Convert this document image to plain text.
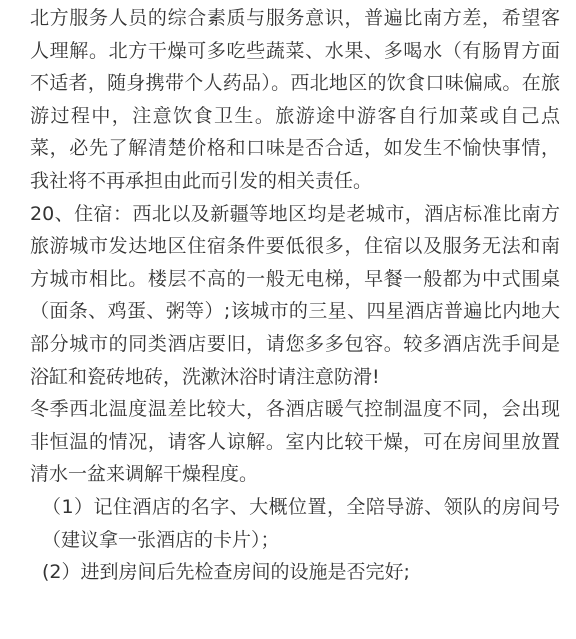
北方服务人员的综合素质与服务意识，普遍比南方差，希望客人理解。北方干燥可多吃些蔬菜、水果、多喝水（有肠胃方面不适者，随身携带个人药品）。西北地区的饮食口味偏咸。在旅游过程中，注意饮食卫生。旅游途中游客自行加菜或自己点菜，必先了解清楚价格和口味是否合适，如发生不愉快事情，我社将不再承担由此而引发的相关责任。

20、住宿：西北以及新疆等地区均是老城市，酒店标准比南方旅游城市发达地区住宿条件要低很多，住宿以及服务无法和南方城市相比。楼层不高的一般无电梯，早餐一般都为中式围桌（面条、鸡蛋、粥等）;该城市的三星、四星酒店普遍比内地大部分城市的同类酒店要旧，请您多多包容。较多酒店洗手间是浴缸和瓷砖地砖，洗漱沐浴时请注意防滑!

冬季西北温度温差比较大，各酒店暖气控制温度不同，会出现非恒温的情况，请客人谅解。室内比较干燥，可在房间里放置清水一盆来调解干燥程度。

（1）记住酒店的名字、大概位置，全陪导游、领队的房间号（建议拿一张酒店的卡片）；

(2）进到房间后先检查房间的设施是否完好;
